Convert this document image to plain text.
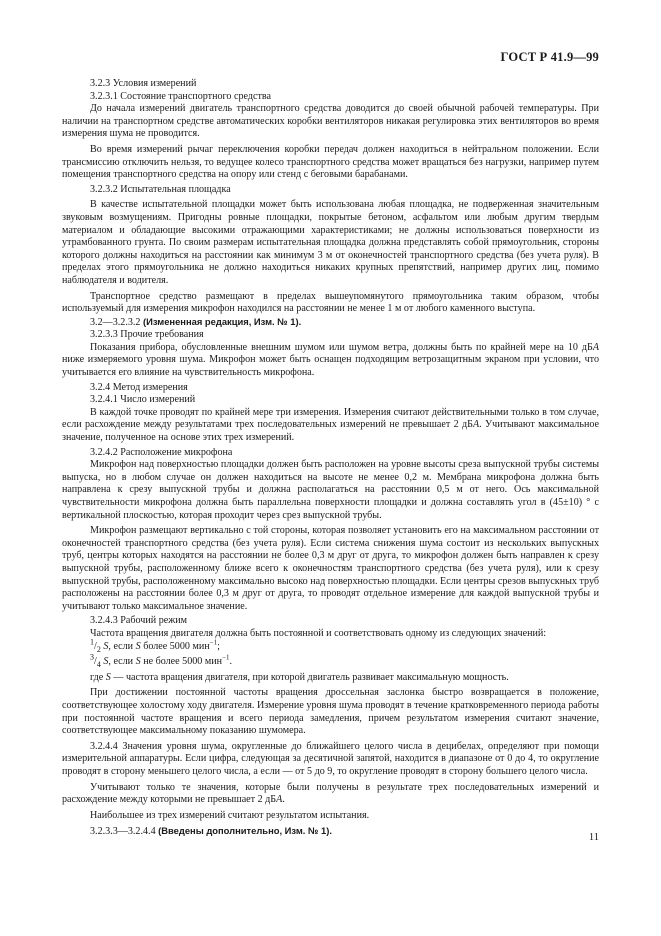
ГОСТ Р 41.9—99

3.2.3 Условия измерений

3.2.3.1 Состояние транспортного средства

До начала измерений двигатель транспортного средства доводится до своей обычной рабочей температуры. При наличии на транспортном средстве автоматических коробки вентиляторов никакая регулировка этих вентиляторов во время измерения шума не проводится.

Во время измерений рычаг переключения коробки передач должен находиться в нейтральном положении. Если трансмиссию отключить нельзя, то ведущее колесо транспортного средства может вращаться без нагрузки, например путем помещения транспортного средства на опору или стенд с беговыми барабанами.

3.2.3.2 Испытательная площадка

В качестве испытательной площадки может быть использована любая площадка, не подверженная значительным звуковым возмущениям. Пригодны ровные площадки, покрытые бетоном, асфальтом или любым другим твердым материалом и обладающие высокими отражающими характеристиками; не должны использоваться поверхности из утрамбованного грунта. По своим размерам испытательная площадка должна представлять собой прямоугольник, стороны которого должны находиться на расстоянии как минимум 3 м от оконечностей транспортного средства (без учета руля). В пределах этого прямоугольника не должно находиться никаких крупных препятствий, например других лиц, помимо наблюдателя и водителя.

Транспортное средство размещают в пределах вышеупомянутого прямоугольника таким образом, чтобы используемый для измерения микрофон находился на расстоянии не менее 1 м от любого каменного выступа.

3.2—3.2.3.2 (Измененная редакция, Изм. № 1).

3.2.3.3 Прочие требования

Показания прибора, обусловленные внешним шумом или шумом ветра, должны быть по крайней мере на 10 дБА ниже измеряемого уровня шума. Микрофон может быть оснащен подходящим ветрозащитным экраном при условии, что учитывается его влияние на чувствительность микрофона.

3.2.4 Метод измерения

3.2.4.1 Число измерений

В каждой точке проводят по крайней мере три измерения. Измерения считают действительными только в том случае, если расхождение между результатами трех последовательных измерений не превышает 2 дБА. Учитывают максимальное значение, полученное на основе этих трех измерений.

3.2.4.2 Расположение микрофона

Микрофон над поверхностью площадки должен быть расположен на уровне высоты среза выпускной трубы системы выпуска, но в любом случае он должен находиться на высоте не менее 0,2 м. Мембрана микрофона должна быть направлена к срезу выпускной трубы и должна располагаться на расстоянии 0,5 м от него. Ось максимальной чувствительности микрофона должна быть параллельна поверхности площадки и должна составлять угол в (45±10) ° с вертикальной плоскостью, которая проходит через срез выпускной трубы.

Микрофон размещают вертикально с той стороны, которая позволяет установить его на максимальном расстоянии от оконечностей транспортного средства (без учета руля). Если система снижения шума состоит из нескольких выпускных труб, центры которых находятся на расстоянии не более 0,3 м друг от друга, то микрофон должен быть направлен к срезу выпускной трубы, расположенному ближе всего к оконечностям транспортного средства (без учета руля), или к срезу выпускной трубы, расположенному максимально высоко над поверхностью площадки. Если центры срезов выпускных труб расположены на расстоянии более 0,3 м друг от друга, то проводят отдельное измерение для каждой выпускной трубы и учитывают только максимальное значение.

3.2.4.3 Рабочий режим

Частота вращения двигателя должна быть постоянной и соответствовать одному из следующих значений:

$^1/_2$ S, если S более 5000 мин$^{-1}$;

$^3/_4$ S, если S не более 5000 мин$^{-1}$.

где S — частота вращения двигателя, при которой двигатель развивает максимальную мощность.

При достижении постоянной частоты вращения дроссельная заслонка быстро возвращается в положение, соответствующее холостому ходу двигателя. Измерение уровня шума проводят в течение кратковременного периода работы при постоянной частоте вращения и всего периода замедления, причем результатом измерения считают значение, соответствующее максимальному показанию шумомера.

3.2.4.4 Значения уровня шума, округленные до ближайшего целого числа в децибелах, определяют при помощи измерительной аппаратуры. Если цифра, следующая за десятичной запятой, находится в диапазоне от 0 до 4, то округление проводят в сторону меньшего целого числа, а если — от 5 до 9, то округление проводят в сторону большего целого числа.

Учитывают только те значения, которые были получены в результате трех последовательных измерений и расхождение между которыми не превышает 2 дБА.

Наибольшее из трех измерений считают результатом испытания.

3.2.3.3—3.2.4.4 (Введены дополнительно, Изм. № 1).

11
